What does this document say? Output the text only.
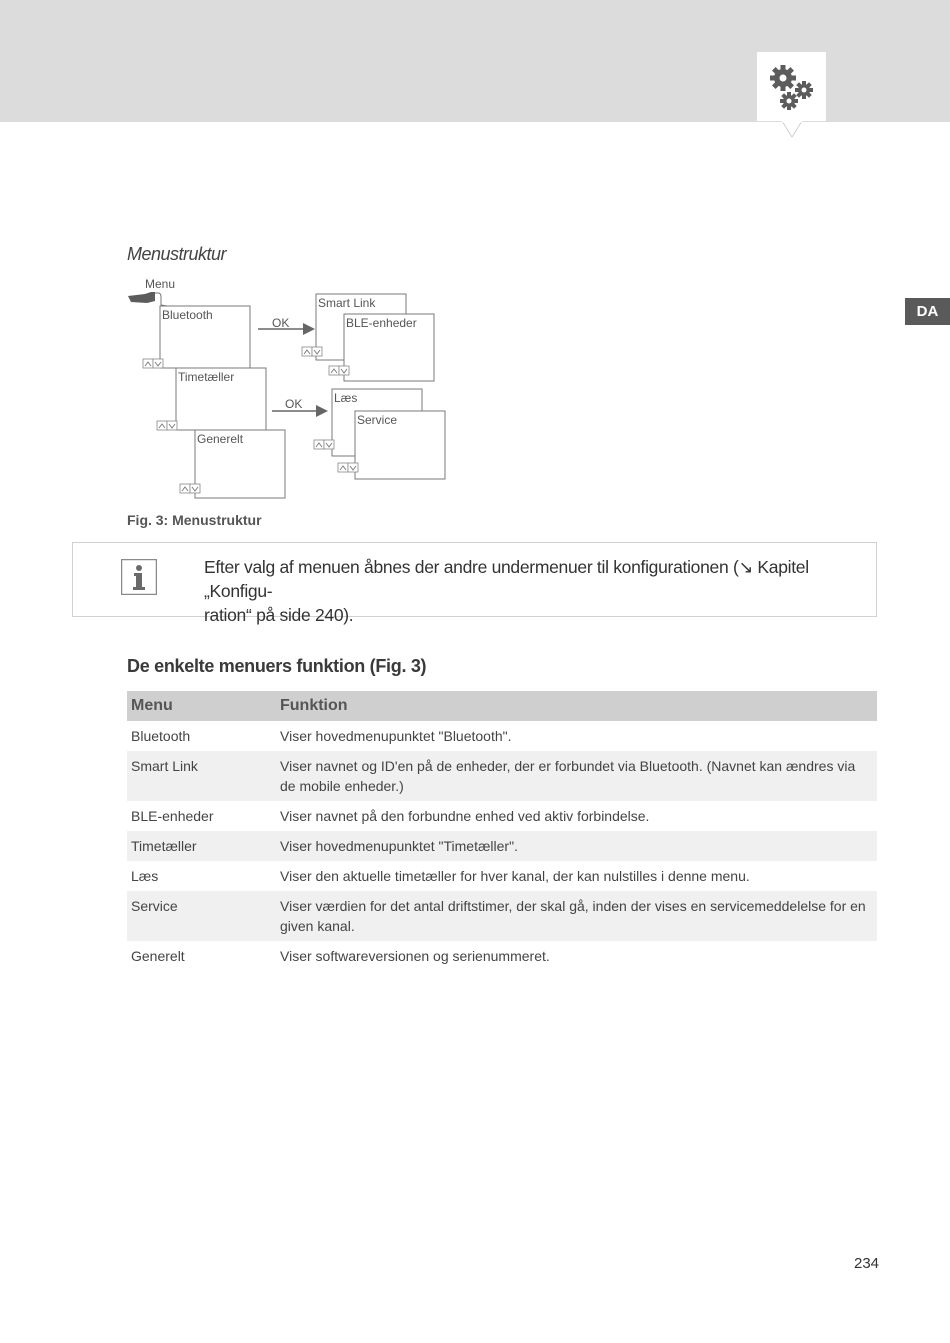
DA
Menustruktur
Menu
OK
OK
Bluetooth
Timetæller
Generelt
Smart Link
BLE-enheder
Læs
Service
Fig. 3: Menustruktur
Efter valg af menuen åbnes der andre undermenuer til konfigurationen (↘ Kapitel „Konfigu-
ration“ på side 240).
De enkelte menuers funktion (Fig. 3)
Menu	Funktion
Bluetooth	Viser hovedmenupunktet "Bluetooth".
Smart Link	Viser navnet og ID'en på de enheder, der er forbundet via Bluetooth. (Navnet kan ændres via de mobile enheder.)
BLE-enheder	Viser navnet på den forbundne enhed ved aktiv forbindelse.
Timetæller	Viser hovedmenupunktet "Timetæller".
Læs	Viser den aktuelle timetæller for hver kanal, der kan nulstilles i denne menu.
Service	Viser værdien for det antal driftstimer, der skal gå, inden der vises en servicemeddelelse for en given kanal.
Generelt	Viser softwareversionen og serienummeret.
234
